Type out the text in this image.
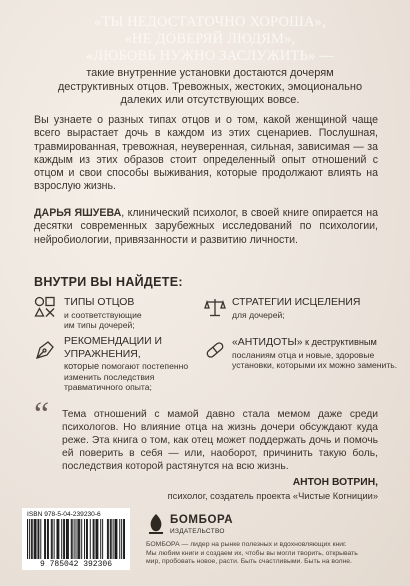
«ТЫ НЕДОСТАТОЧНО ХОРОША»,
«НЕ ДОВЕРЯЙ ЛЮДЯМ»,
«ЛЮБОВЬ НУЖНО ЗАСЛУЖИТЬ» —
такие внутренние установки достаются дочерям
деструктивных отцов. Тревожных, жестоких, эмоционально
далеких или отсутствующих вовсе.
Вы узнаете о разных типах отцов и о том, какой женщиной чаще всего вырастает дочь в каждом из этих сценариев. Послушная, травмированная, тревожная, неуверенная, сильная, зависимая — за каждым из этих образов стоит определенный опыт отношений с отцом и свои способы выживания, которые продолжают влиять на взрослую жизнь.
ДАРЬЯ ЯШУЕВА, клинический психолог, в своей книге опирается на десятки современных зарубежных исследований по психологии, нейробиологии, привязанности и развитию личности.
ВНУТРИ ВЫ НАЙДЕТЕ:
ТИПЫ ОТЦОВ
и соответствующие им типы дочерей;
СТРАТЕГИИ ИСЦЕЛЕНИЯ
для дочерей;
РЕКОМЕНДАЦИИ И УПРАЖНЕНИЯ,
которые помогают постепенно изменить последствия травматичного опыта;
«АНТИДОТЫ» к деструктивным
посланиям отца и новые, здоровые установки, которыми их можно заменить.
“ Тема отношений с мамой давно стала мемом даже среди психологов. Но влияние отца на жизнь дочери обсуждают куда реже. Эта книга о том, как отец может поддержать дочь и помочь ей поверить в себя — или, наоборот, причинить такую боль, последствия которой растянутся на всю жизнь.
АНТОН ВОТРИН,
психолог, создатель проекта «Чистые Когниции»
ISBN 978-5-04-239230-6
9 785042 392306
БОМБОРА
ИЗДАТЕЛЬСТВО
БОМБОРА — лидер на рынке полезных и вдохновляющих книг.
Мы любим книги и создаем их, чтобы вы могли творить, открывать
мир, пробовать новое, расти. Быть счастливыми. Быть на волне.
